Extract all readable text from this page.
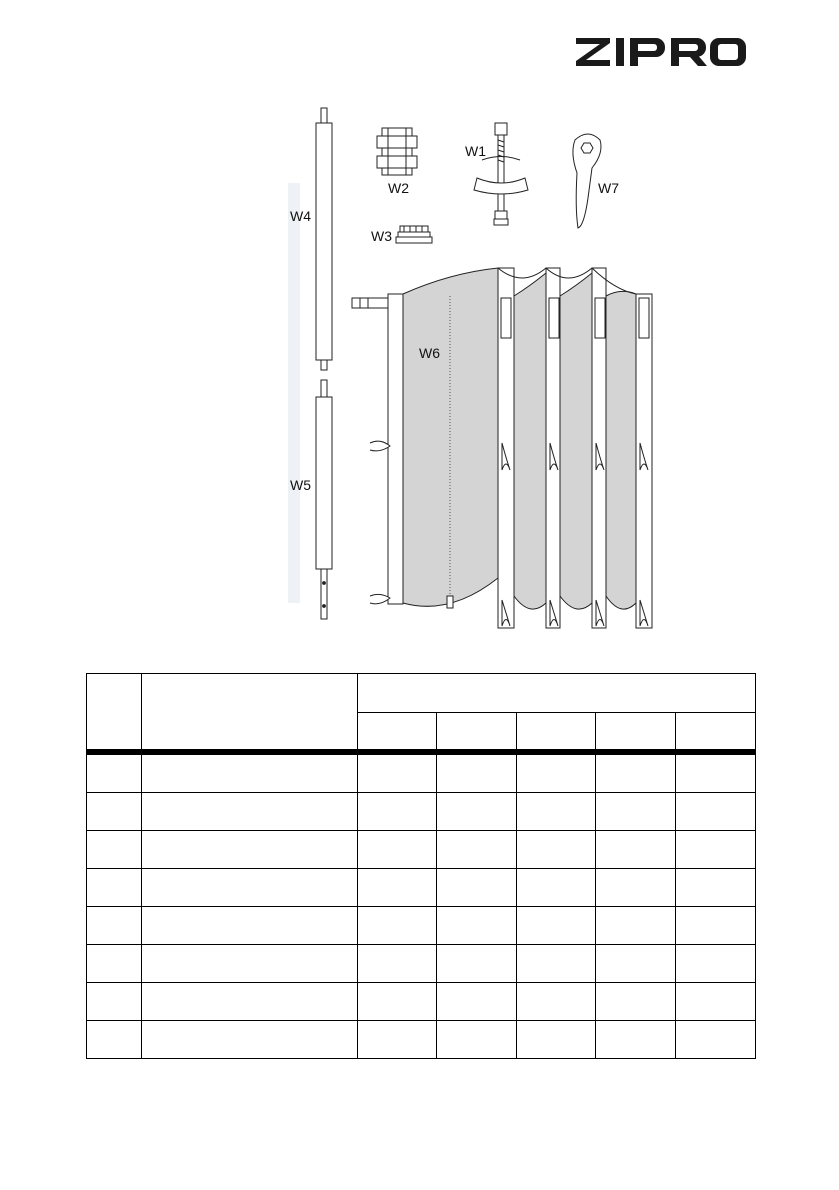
W4
W5
W2
W1
W3
W7
W6
